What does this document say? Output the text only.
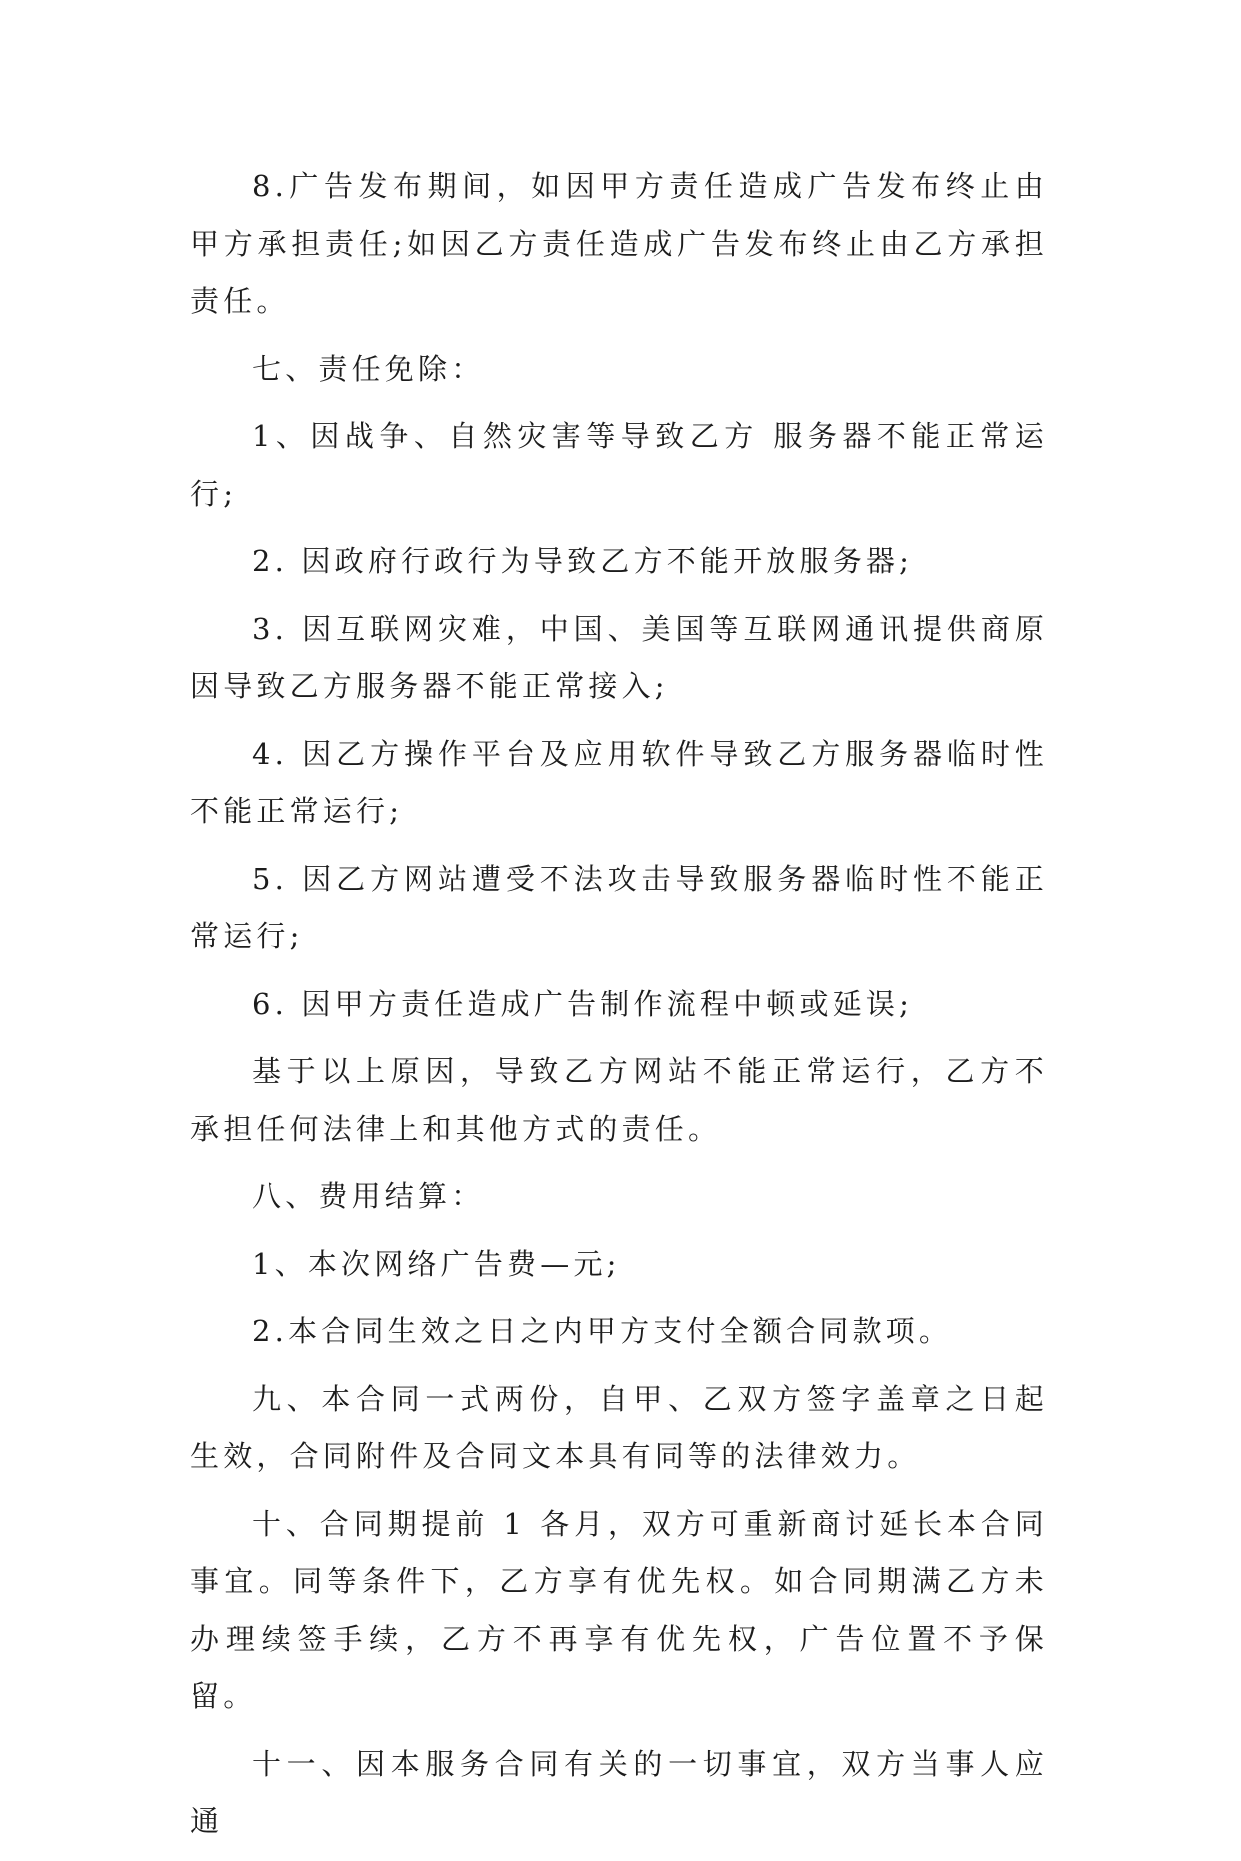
8.广告发布期间，如因甲方责任造成广告发布终止由甲方承担责任;如因乙方责任造成广告发布终止由乙方承担责任。

七、责任免除：

1、因战争、自然灾害等导致乙方 服务器不能正常运行;

2. 因政府行政行为导致乙方不能开放服务器;

3. 因互联网灾难，中国、美国等互联网通讯提供商原因导致乙方服务器不能正常接入;

4. 因乙方操作平台及应用软件导致乙方服务器临时性不能正常运行;

5. 因乙方网站遭受不法攻击导致服务器临时性不能正常运行;

6. 因甲方责任造成广告制作流程中顿或延误;

基于以上原因，导致乙方网站不能正常运行，乙方不承担任何法律上和其他方式的责任。

八、费用结算：

1、本次网络广告费—元;

2.本合同生效之日之内甲方支付全额合同款项。

九、本合同一式两份，自甲、乙双方签字盖章之日起生效，合同附件及合同文本具有同等的法律效力。

十、合同期提前 1 各月，双方可重新商讨延长本合同事宜。同等条件下，乙方享有优先权。如合同期满乙方未办理续签手续，乙方不再享有优先权，广告位置不予保留。

十一、因本服务合同有关的一切事宜，双方当事人应通
